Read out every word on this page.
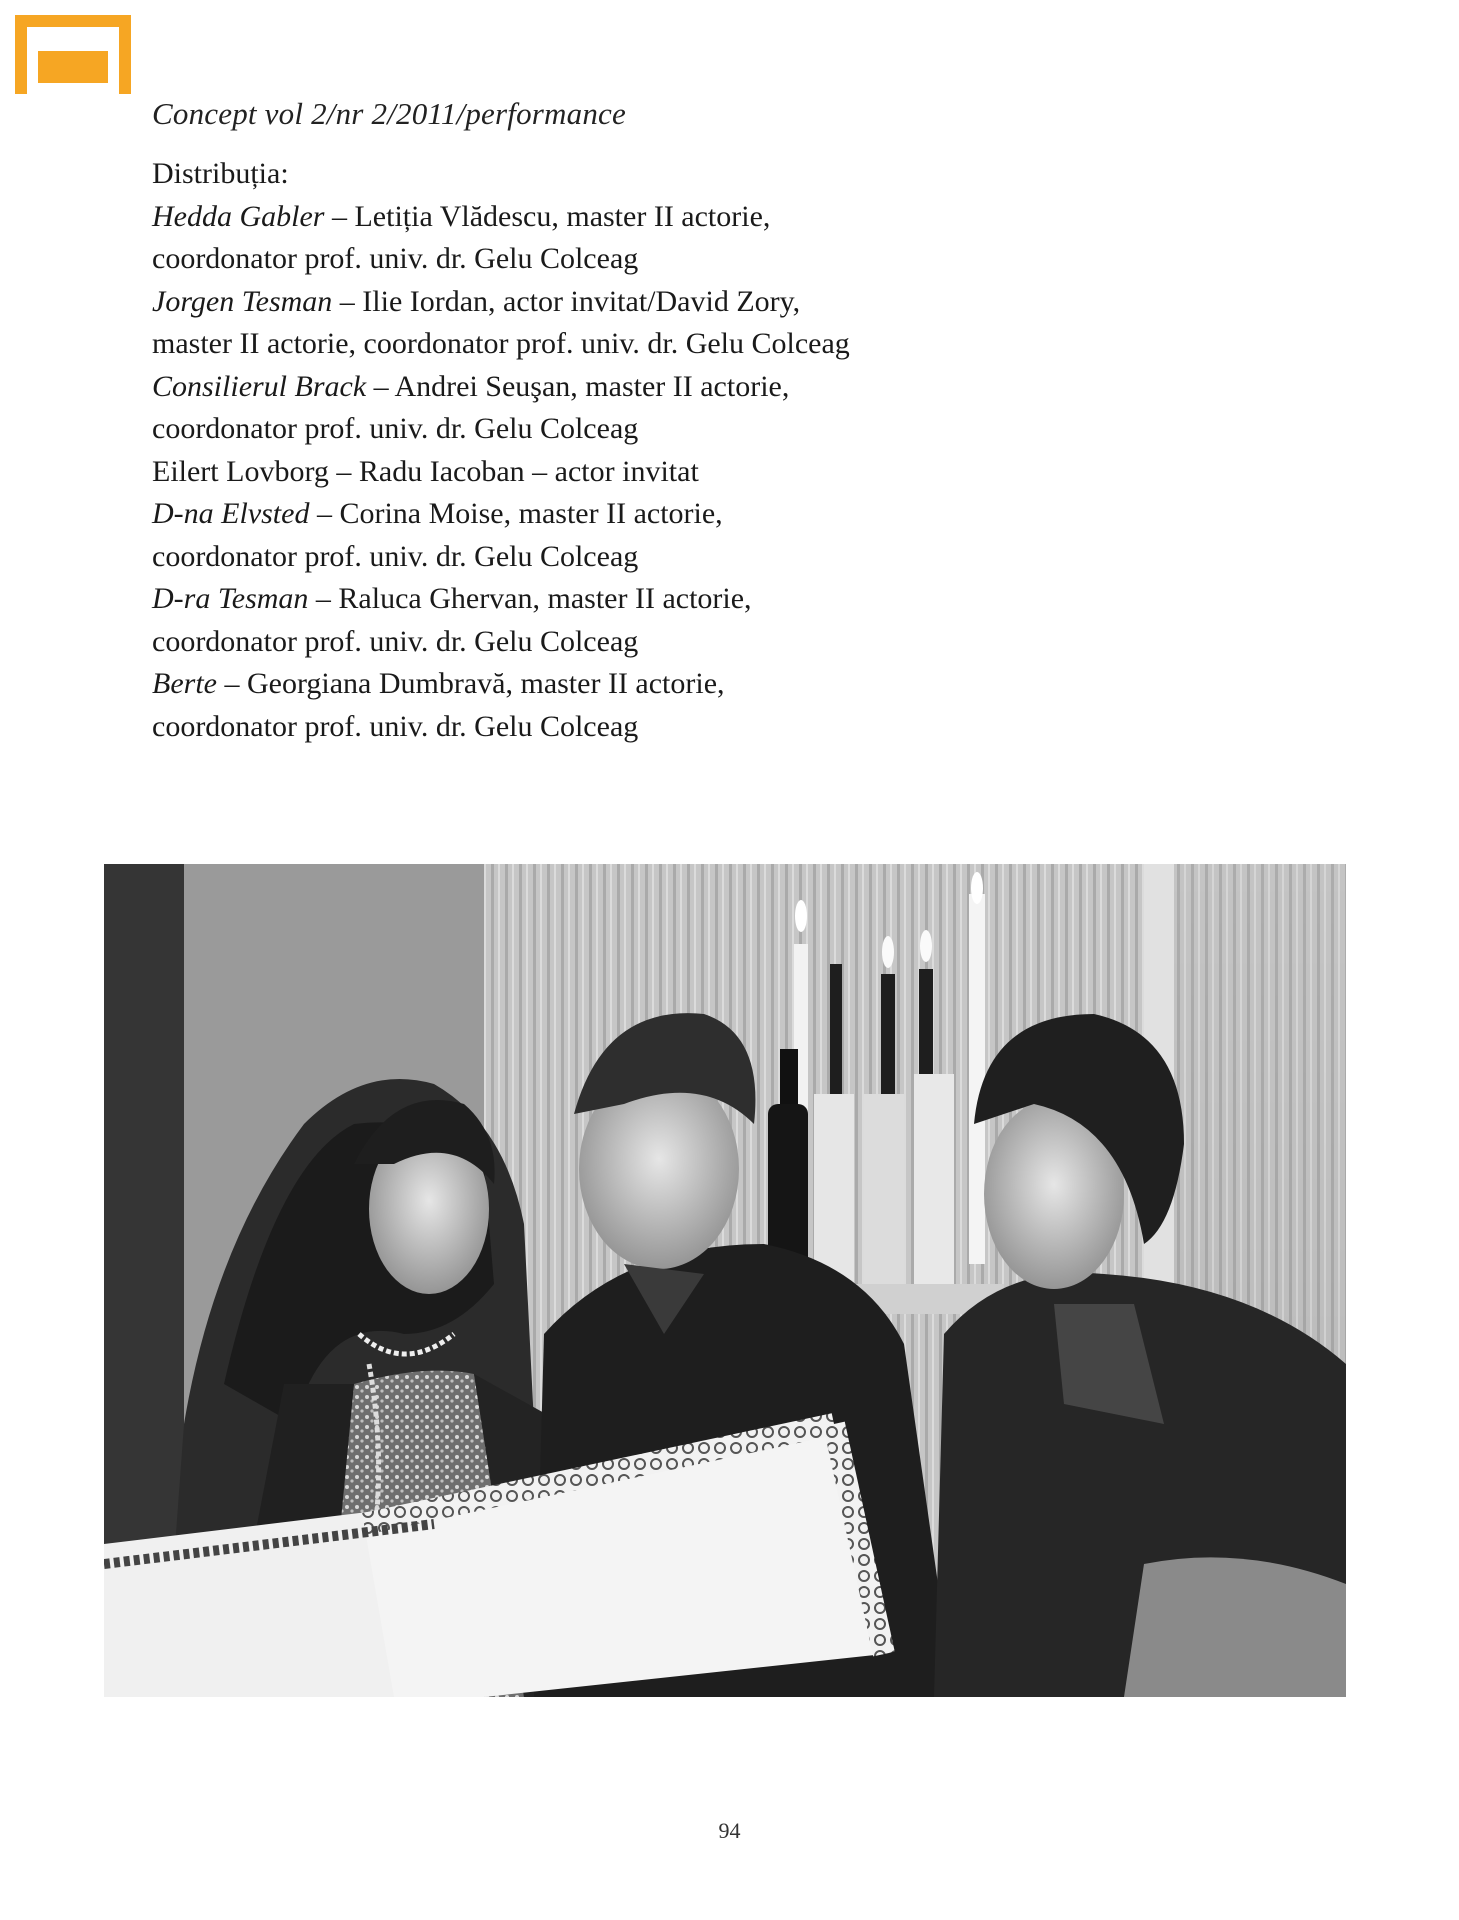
Concept vol 2/nr 2/2011/performance
Distribuția:
Hedda Gabler – Letiția Vlădescu, master II actorie,
coordonator prof. univ. dr. Gelu Colceag
Jorgen Tesman – Ilie Iordan, actor invitat/David Zory,
master II actorie, coordonator prof. univ. dr. Gelu Colceag
Consilierul Brack – Andrei Seuşan, master II actorie,
coordonator prof. univ. dr. Gelu Colceag
Eilert Lovborg – Radu Iacoban – actor invitat
D-na Elvsted – Corina Moise, master II actorie,
coordonator prof. univ. dr. Gelu Colceag
D-ra Tesman – Raluca Ghervan, master II actorie,
coordonator prof. univ. dr. Gelu Colceag
Berte – Georgiana Dumbravă, master II actorie,
coordonator prof. univ. dr. Gelu Colceag
94
